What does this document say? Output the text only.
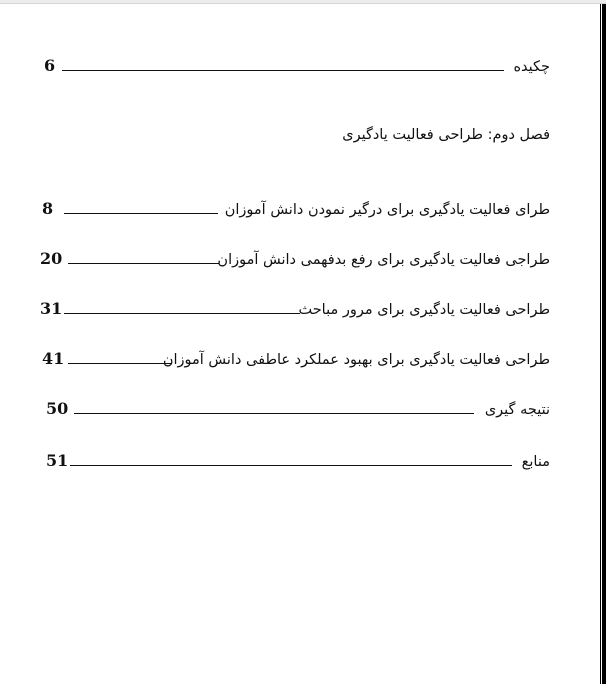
چکیده
6
فصل دوم: طراحی فعالیت یادگیری
طرای فعالیت یادگیری برای درگیر نمودن دانش آموزان
8
طراجی فعالیت یادگیری برای رفع بدفهمی دانش آموزان
20
طراحی فعالیت یادگیری برای مرور مباحث
31
طراحی فعالیت یادگیری برای بهبود عملکرد عاطفی دانش آموزان
41
نتیجه گیری
50
منابع
51
